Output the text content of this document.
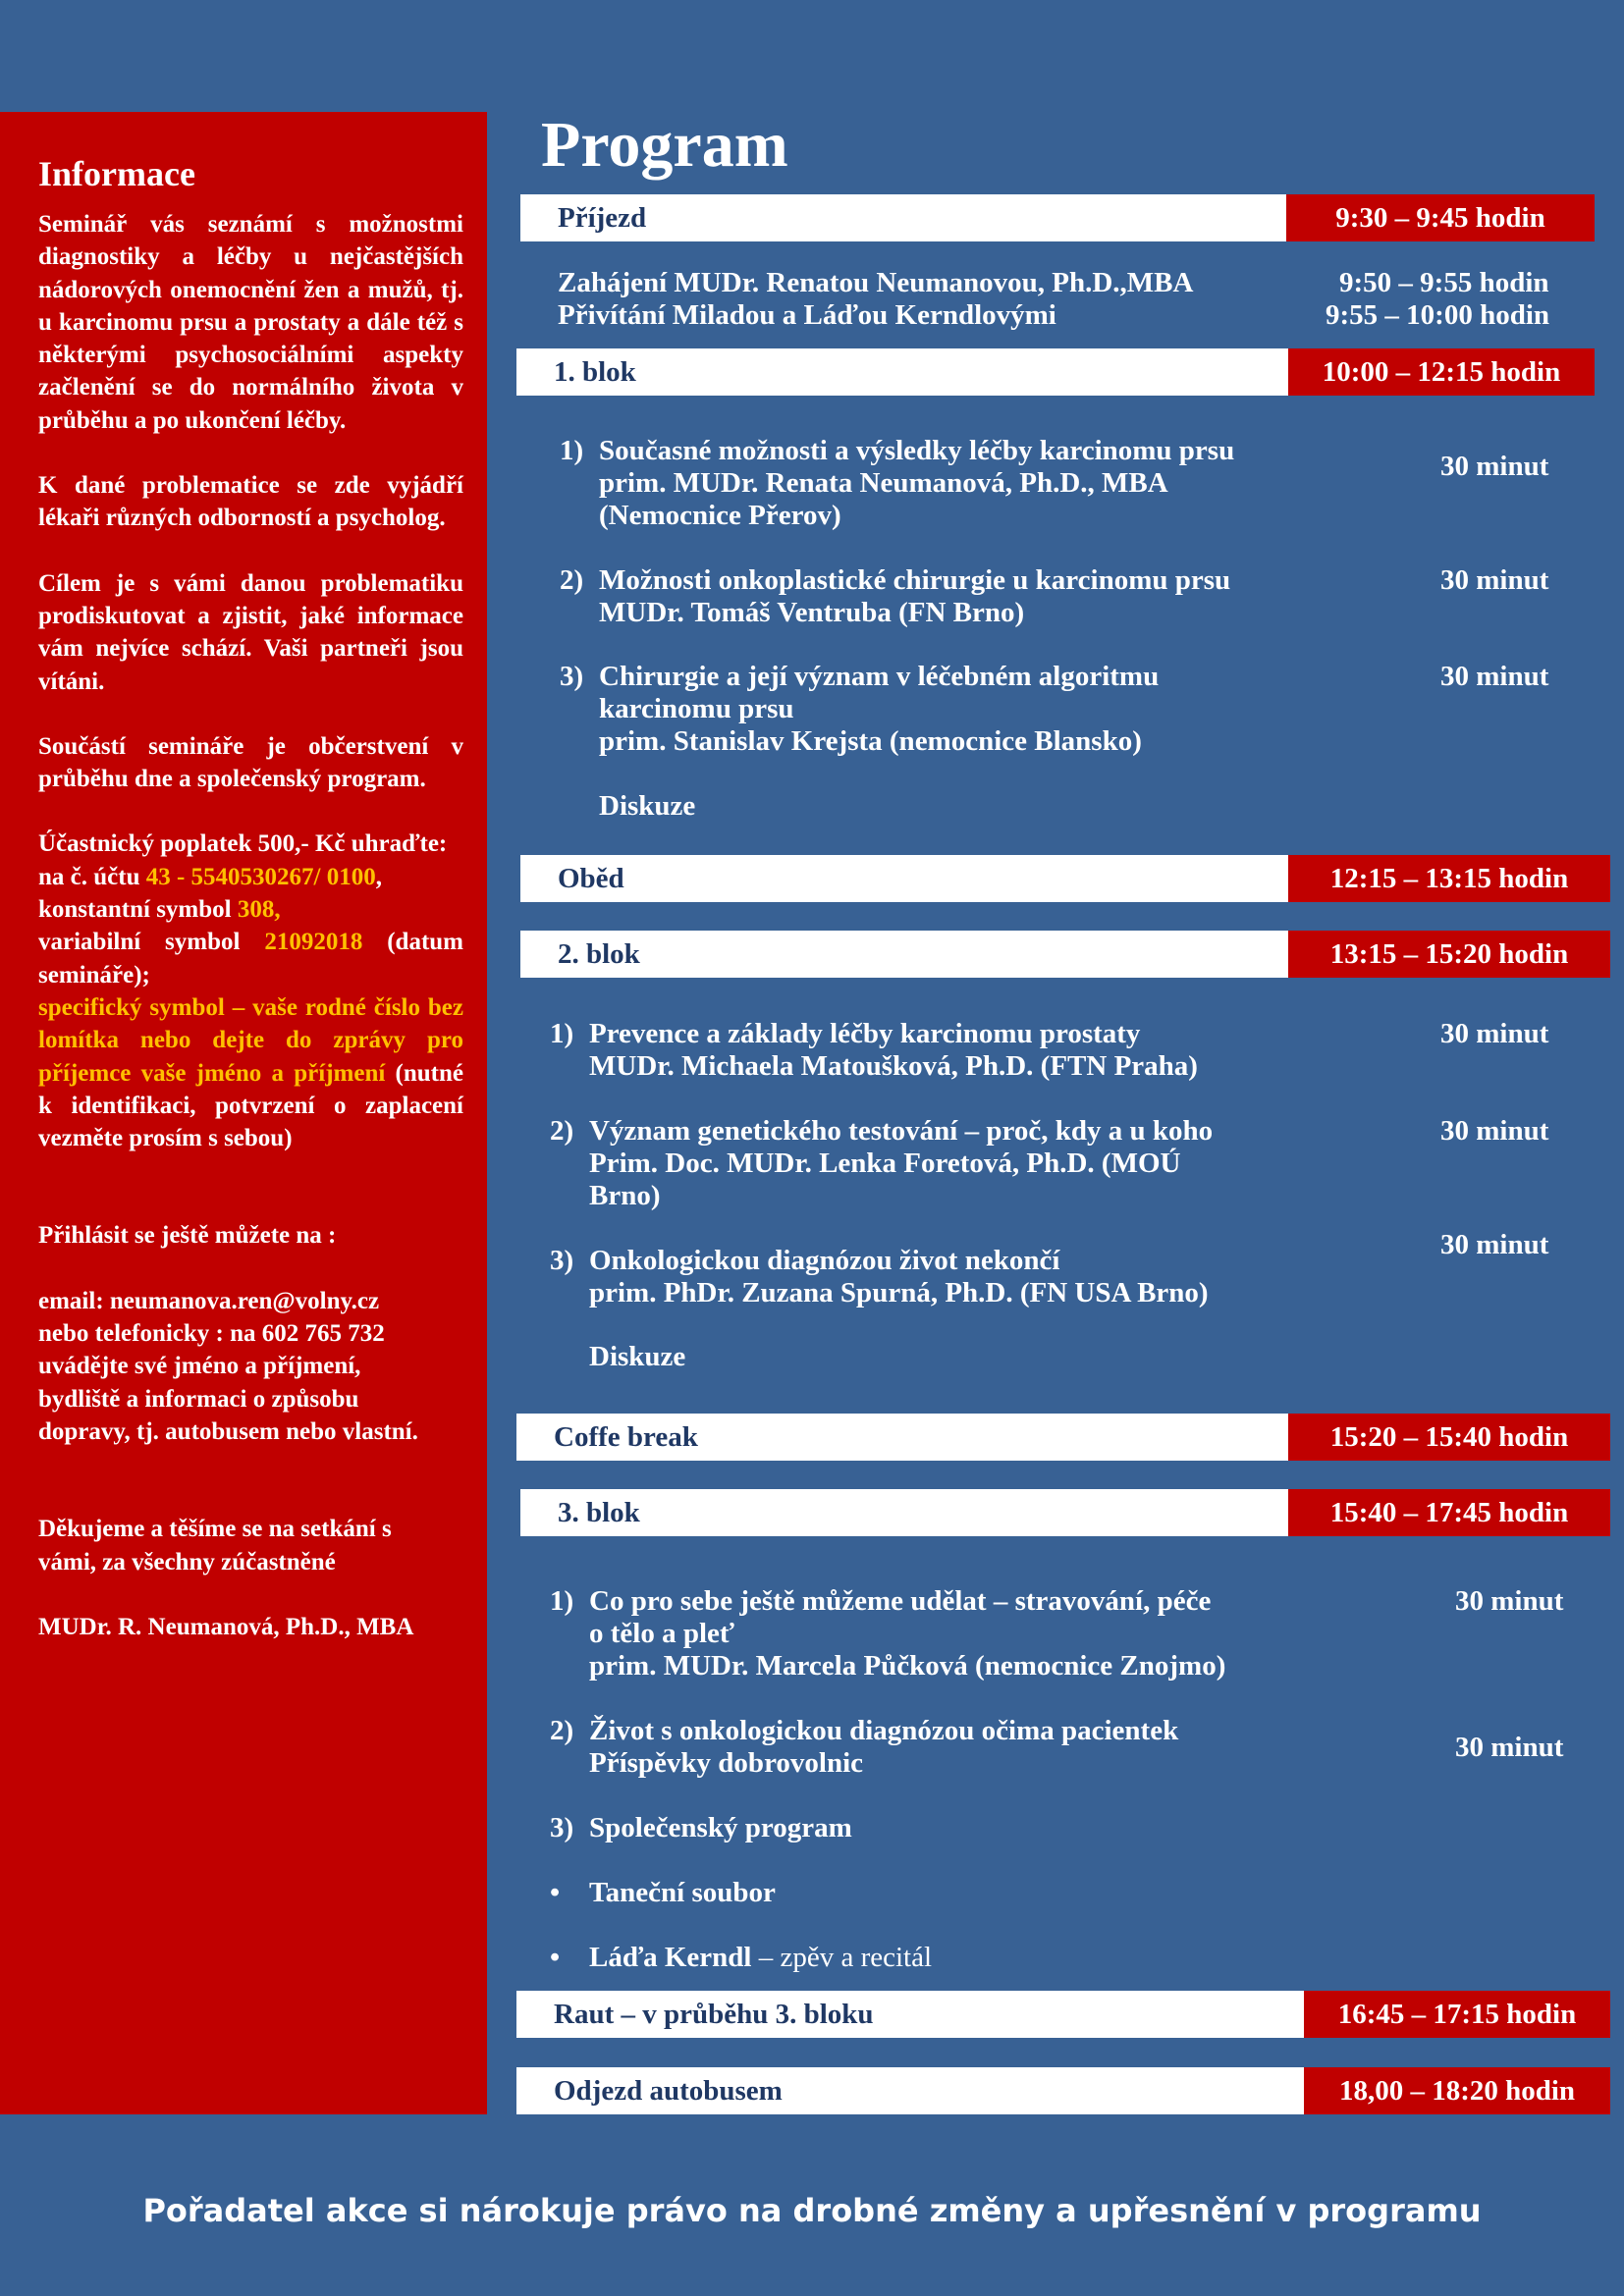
Informace

Seminář vás seznámí s možnostmi diagnostiky a léčby u nejčastějších nádorových onemocnění žen a mužů, tj. u karcinomu prsu a prostaty a dále též s některými psychosociálními aspekty začlenění se do normálního života v průběhu a po ukončení léčby.

K dané problematice se zde vyjádří lékaři různých odborností a psycholog.

Cílem je s vámi danou problematiku prodiskutovat a zjistit, jaké informace vám nejvíce schází. Vaši partneři jsou vítáni.

Součástí semináře je občerstvení v průběhu dne a společenský program.

Účastnický poplatek 500,- Kč uhraďte:
na č. účtu 43 - 5540530267/ 0100,
konstantní symbol 308,
variabilní symbol 21092018 (datum semináře);
specifický symbol – vaše rodné číslo bez lomítka nebo dejte do zprávy pro příjemce vaše jméno a příjmení (nutné k identifikaci, potvrzení o zaplacení vezměte prosím s sebou)

Přihlásit se ještě můžete na :

email: neumanova.ren@volny.cz
nebo telefonicky : na 602 765 732
uvádějte své jméno a příjmení,
bydliště a informaci o způsobu
dopravy, tj. autobusem nebo vlastní.

Děkujeme a těšíme se na setkání s
vámi, za všechny zúčastněné

MUDr. R. Neumanová, Ph.D., MBA

Program
Příjezd	9:30 – 9:45 hodin
Zahájení MUDr. Renatou Neumanovou, Ph.D.,MBA	9:50 – 9:55 hodin
Přivítání Miladou a Láďou Kerndlovými	9:55 – 10:00 hodin
1. blok	10:00 – 12:15 hodin
1) Současné možnosti a výsledky léčby karcinomu prsu
prim. MUDr. Renata Neumanová, Ph.D., MBA
(Nemocnice Přerov)
30 minut
2) Možnosti onkoplastické chirurgie u karcinomu prsu
MUDr. Tomáš Ventruba (FN Brno)
30 minut
3) Chirurgie a její význam v léčebném algoritmu
karcinomu prsu
prim. Stanislav Krejsta (nemocnice Blansko)
30 minut
Diskuze
Oběd	12:15 – 13:15 hodin
2. blok	13:15 – 15:20 hodin
1) Prevence a základy léčby karcinomu prostaty
MUDr. Michaela Matoušková, Ph.D. (FTN Praha)
30 minut
2) Význam genetického testování – proč, kdy a u koho
Prim. Doc. MUDr. Lenka Foretová, Ph.D. (MOÚ
Brno)
30 minut
3) Onkologickou diagnózou život nekončí
prim. PhDr. Zuzana Spurná, Ph.D. (FN USA Brno)
30 minut
Diskuze
Coffe break	15:20 – 15:40 hodin
3. blok	15:40 – 17:45 hodin
1) Co pro sebe ještě můžeme udělat – stravování, péče
o tělo a pleť
prim. MUDr. Marcela Půčková (nemocnice Znojmo)
30 minut
2) Život s onkologickou diagnózou očima pacientek
Příspěvky dobrovolnic	30 minut
3) Společenský program
• Taneční soubor
• Láďa Kerndl – zpěv a recitál
Raut – v průběhu 3. bloku	16:45 – 17:15 hodin
Odjezd autobusem	18,00 – 18:20 hodin
Pořadatel akce si nárokuje právo na drobné změny a upřesnění v programu
